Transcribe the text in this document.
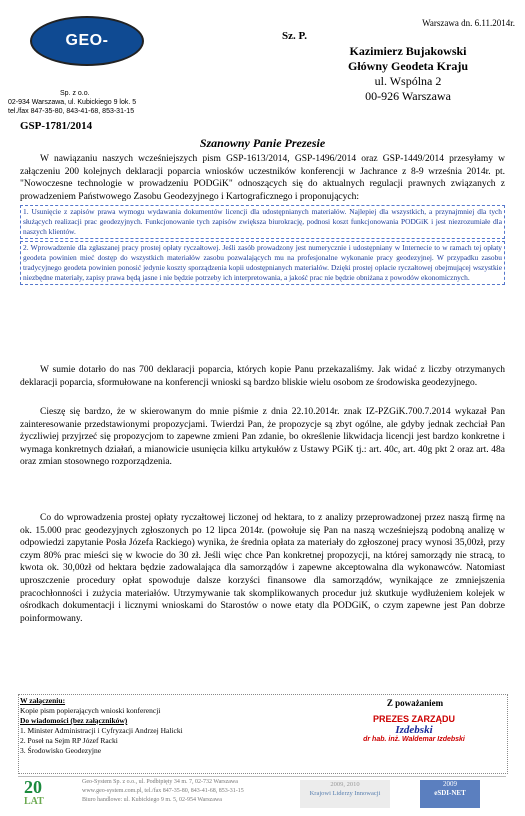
GEO-
Sp. z o.o.
02-934 Warszawa, ul. Kubickiego 9 lok. 5
tel./fax 847-35-80, 843-41-68, 853-31-15
Warszawa dn. 6.11.2014r.
Sz. P.
Kazimierz Bujakowski
Główny Geodeta Kraju
ul. Wspólna 2
00-926 Warszawa
GSP-1781/2014
Szanowny Panie Prezesie

W nawiązaniu naszych wcześniejszych pism GSP-1613/2014, GSP-1496/2014 oraz GSP-1449/2014 przesyłamy w załączeniu 200 kolejnych deklaracji poparcia wniosków uczestników konferencji w Jachrance z 8-9 września 2014r. pt. "Nowoczesne technologie w prowadzeniu PODGiK" odnoszących się do aktualnych regulacji prawnych związanych z prowadzeniem Państwowego Zasobu Geodezyjnego i Kartograficznego i proponujących:

1. Usunięcie z zapisów prawa wymogu wydawania dokumentów licencji dla udostępnianych materiałów. Najlepiej dla wszystkich, a przynajmniej dla tych służących realizacji prac geodezyjnych. Funkcjonowanie tych zapisów zwiększa biurokrację, podnosi koszt funkcjonowania PODGiK i jest niezrozumiałe dla naszych klientów.
2. Wprowadzenie dla zgłaszanej pracy prostej opłaty ryczałtowej. Jeśli zasób prowadzony jest numerycznie i udostępniany w Internecie to w ramach tej opłaty geodeta powinien mieć dostęp do wszystkich materiałów zasobu pozwalających mu na profesjonalne wykonanie pracy geodezyjnej. W przypadku zasobu tradycyjnego geodeta powinien ponosić jedynie koszty sporządzenia kopii udostępnianych materiałów. Dzięki prostej opłacie ryczałtowej obejmującej wszystkie niezbędne materiały, zapisy prawa będą jasne i nie będzie potrzeby ich interpretowania, a jakość prac nie będzie obniżana z powodów ekonomicznych.

W sumie dotarło do nas 700 deklaracji poparcia, których kopie Panu przekazaliśmy. Jak widać z liczby otrzymanych deklaracji poparcia, sformułowane na konferencji wnioski są bardzo bliskie wielu osobom ze środowiska geodezyjnego.

Cieszę się bardzo, że w skierowanym do mnie piśmie z dnia 22.10.2014r. znak IZ-PZGiK.700.7.2014 wykazał Pan zainteresowanie przedstawionymi propozycjami. Twierdzi Pan, że propozycje są zbyt ogólne, ale gdyby jednak zechciał Pan życzliwiej przyjrzeć się propozycjom to zapewne zmieni Pan zdanie, bo określenie likwidacja licencji jest bardzo konkretne i wymaga konkretnych działań, a mianowicie usunięcia kilku artykułów z Ustawy PGiK tj.: art. 40c, art. 40g pkt 2 oraz art. 48a oraz zmian stosownego rozporządzenia.

Co do wprowadzenia prostej opłaty ryczałtowej liczonej od hektara, to z analizy przeprowadzonej przez naszą firmę na ok. 15.000 prac geodezyjnych zgłoszonych po 12 lipca 2014r. (powołuje się Pan na naszą wcześniejszą podobną analizę w odpowiedzi zapytanie Posła Józefa Rackiego) wynika, że średnia opłata za materiały do zgłoszonej pracy wynosi 35,00zł, przy czym 80% prac mieści się w kwocie do 30 zł. Jeśli więc chce Pan konkretnej propozycji, na której samorządy nie stracą, to kwota ok. 30,00zł od hektara będzie zadowalająca dla samorządów i zapewne akceptowalna dla wykonawców. Natomiast uproszczenie procedury opłat spowoduje dalsze korzyści finansowe dla samorządów, wynikające ze zmniejszenia pracochłonności i zużycia materiałów. Utrzymywanie tak skomplikowanych procedur już skutkuje wydłużeniem kolejek w ośrodkach dokumentacji i licznymi wnioskami do Starostów o nowe etaty dla PODGiK, o czym zapewne jest Pan dobrze poinformowany.

W załączeniu:
Kopie pism popierających wnioski konferencji
Do wiadomości (bez załączników)
1. Minister Administracji i Cyfryzacji Andrzej Halicki
2. Poseł na Sejm RP Józef Racki
3. Środowisko Geodezyjne
Z poważaniem
PREZES ZARZĄDU
Izdebski
dr hab. inż. Waldemar Izdebski
20
LAT
Geo-System Sp. z o.o., ul. Podbipięty 34 m. 7, 02-732 Warszawa
www.geo-system.com.pl, tel./fax 847-35-80, 843-41-68, 853-31-15
Biuro handlowe: ul. Kubickiego 9 m. 5, 02-954 Warszawa
2009, 2010
Krajowi Liderzy Innowacji
2009
eSDI-NET
